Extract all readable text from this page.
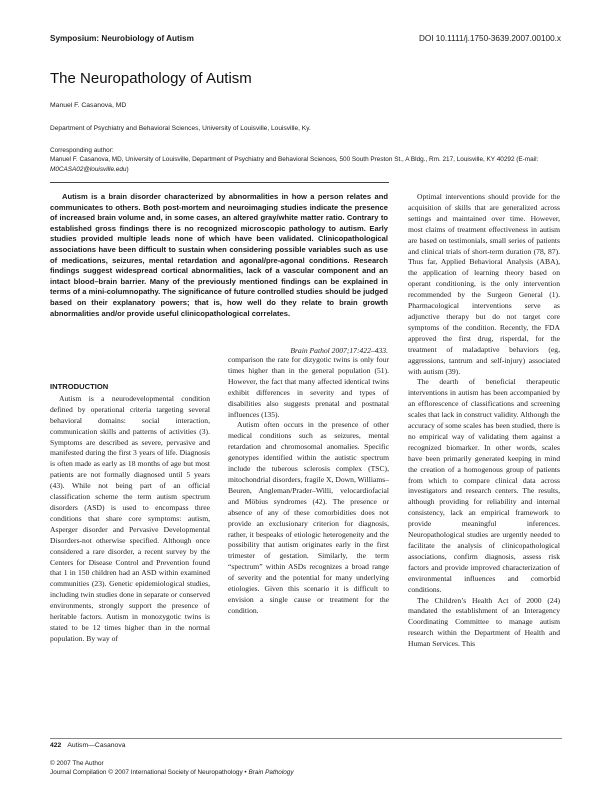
Symposium: Neurobiology of Autism	DOI 10.1111/j.1750-3639.2007.00100.x
The Neuropathology of Autism
Manuel F. Casanova, MD
Department of Psychiatry and Behavioral Sciences, University of Louisville, Louisville, Ky.
Corresponding author:
Manuel F. Casanova, MD, University of Louisville, Department of Psychiatry and Behavioral Sciences, 500 South Preston St., A Bldg., Rm. 217, Louisville, KY 40292 (E-mail: M0CASA02@louisville.edu)

Autism is a brain disorder characterized by abnormalities in how a person relates and communicates to others. Both post-mortem and neuroimaging studies indicate the presence of increased brain volume and, in some cases, an altered gray/white matter ratio. Contrary to established gross findings there is no recognized microscopic pathology to autism. Early studies provided multiple leads none of which have been validated. Clinicopathological associations have been difficult to sustain when considering possible variables such as use of medications, seizures, mental retardation and agonal/pre-agonal conditions. Research findings suggest widespread cortical abnormalities, lack of a vascular component and an intact blood–brain barrier. Many of the previously mentioned findings can be explained in terms of a mini-columnopathy. The significance of future controlled studies should be judged based on their explanatory powers; that is, how well do they relate to brain growth abnormalities and/or provide useful clinicopathological correlates.

Brain Pathol 2007;17:422–433.
INTRODUCTION

Autism is a neurodevelopmental condition defined by operational criteria targeting several behavioral domains: social interaction, communication skills and patterns of activities (3). Symptoms are described as severe, pervasive and manifested during the first 3 years of life. Diagnosis is often made as early as 18 months of age but most patients are not formally diagnosed until 5 years (43). While not being part of an official classification scheme the term autism spectrum disorders (ASD) is used to encompass three conditions that share core symptoms: autism, Asperger disorder and Pervasive Developmental Disorders-not otherwise specified. Although once considered a rare disorder, a recent survey by the Centers for Disease Control and Prevention found that 1 in 150 children had an ASD within examined communities (23). Genetic epidemiological studies, including twin studies done in separate or conserved environments, strongly support the presence of heritable factors. Autism in monozygotic twins is stated to be 12 times higher than in the normal population. By way of

comparison the rate for dizygotic twins is only four times higher than in the general population (51). However, the fact that many affected identical twins exhibit differences in severity and types of disabilities also suggests prenatal and postnatal influences (135).

Autism often occurs in the presence of other medical conditions such as seizures, mental retardation and chromosomal anomalies. Specific genotypes identified within the autistic spectrum include the tuberous sclerosis complex (TSC), mitochondrial disorders, fragile X, Down, Williams–Beuren, Angleman/Prader–Willi, velocardiofacial and Möbius syndromes (42). The presence or absence of any of these comorbidities does not provide an exclusionary criterion for diagnosis, rather, it bespeaks of etiologic heterogeneity and the possibility that autism originates early in the first trimester of gestation. Similarly, the term “spectrum” within ASDs recognizes a broad range of severity and the potential for many underlying etiologies. Given this scenario it is difficult to envision a single cause or treatment for the condition.

Optimal interventions should provide for the acquisition of skills that are generalized across settings and maintained over time. However, most claims of treatment effectiveness in autism are based on testimonials, small series of patients and clinical trials of short-term duration (78, 87). Thus far, Applied Behavioral Analysis (ABA), the application of learning theory based on operant conditioning, is the only intervention recommended by the Surgeon General (1). Pharmacological interventions serve as adjunctive therapy but do not target core symptoms of the condition. Recently, the FDA approved the first drug, risperdal, for the treatment of maladaptive behaviors (eg, aggressions, tantrum and self-injury) associated with autism (39).

The dearth of beneficial therapeutic interventions in autism has been accompanied by an efflorescence of classifications and screening scales that lack in construct validity. Although the accuracy of some scales has been studied, there is no empirical way of validating them against a recognized biomarker. In other words, scales have been primarily generated keeping in mind the creation of a homogenous group of patients from which to compare clinical data across investigators and research centers. The results, although providing for reliability and internal consistency, lack an empirical framework to provide meaningful inferences. Neuropathological studies are urgently needed to facilitate the analysis of clinicopathological associations, confirm diagnosis, assess risk factors and provide improved characterization of environmental influences and comorbid conditions.

The Children’s Health Act of 2000 (24) mandated the establishment of an Interagency Coordinating Committee to manage autism research within the Department of Health and Human Services. This

422 Autism—Casanova
© 2007 The Author
Journal Compilation © 2007 International Society of Neuropathology • Brain Pathology
